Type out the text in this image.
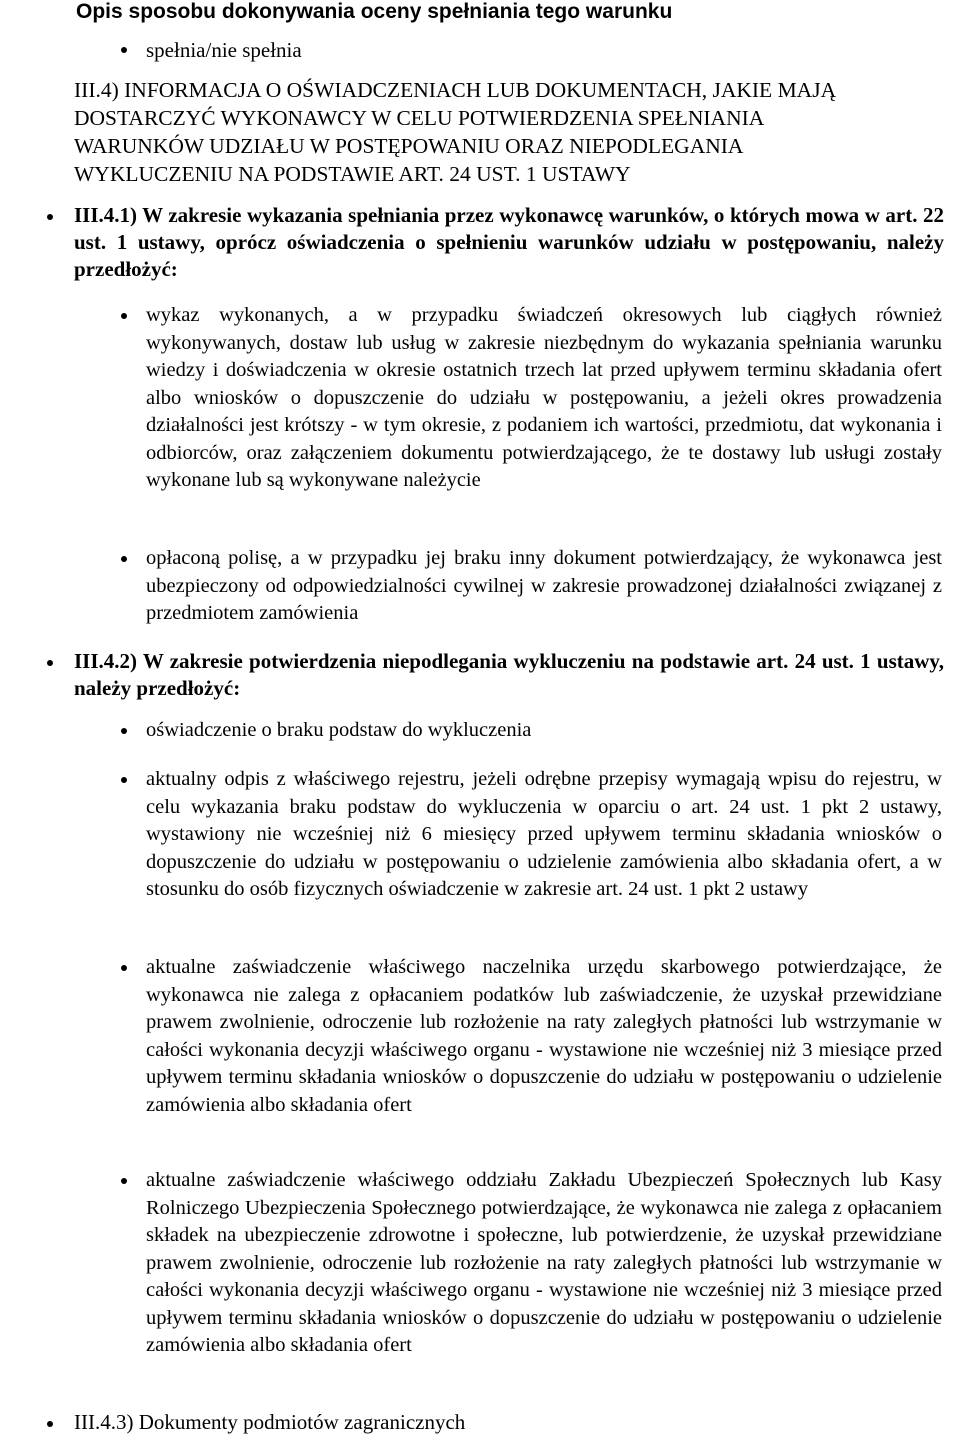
Opis sposobu dokonywania oceny spełniania tego warunku
spełnia/nie spełnia
III.4) INFORMACJA O OŚWIADCZENIACH LUB DOKUMENTACH, JAKIE MAJĄ DOSTARCZYĆ WYKONAWCY W CELU POTWIERDZENIA SPEŁNIANIA WARUNKÓW UDZIAŁU W POSTĘPOWANIU ORAZ NIEPODLEGANIA WYKLUCZENIU NA PODSTAWIE ART. 24 UST. 1 USTAWY
III.4.1) W zakresie wykazania spełniania przez wykonawcę warunków, o których mowa w art. 22 ust. 1 ustawy, oprócz oświadczenia o spełnieniu warunków udziału w postępowaniu, należy przedłożyć:
wykaz wykonanych, a w przypadku świadczeń okresowych lub ciągłych również wykonywanych, dostaw lub usług w zakresie niezbędnym do wykazania spełniania warunku wiedzy i doświadczenia w okresie ostatnich trzech lat przed upływem terminu składania ofert albo wniosków o dopuszczenie do udziału w postępowaniu, a jeżeli okres prowadzenia działalności jest krótszy - w tym okresie, z podaniem ich wartości, przedmiotu, dat wykonania i odbiorców, oraz załączeniem dokumentu potwierdzającego, że te dostawy lub usługi zostały wykonane lub są wykonywane należycie
opłaconą polisę, a w przypadku jej braku inny dokument potwierdzający, że wykonawca jest ubezpieczony od odpowiedzialności cywilnej w zakresie prowadzonej działalności związanej z przedmiotem zamówienia
III.4.2) W zakresie potwierdzenia niepodlegania wykluczeniu na podstawie art. 24 ust. 1 ustawy, należy przedłożyć:
oświadczenie o braku podstaw do wykluczenia
aktualny odpis z właściwego rejestru, jeżeli odrębne przepisy wymagają wpisu do rejestru, w celu wykazania braku podstaw do wykluczenia w oparciu o art. 24 ust. 1 pkt 2 ustawy, wystawiony nie wcześniej niż 6 miesięcy przed upływem terminu składania wniosków o dopuszczenie do udziału w postępowaniu o udzielenie zamówienia albo składania ofert, a w stosunku do osób fizycznych oświadczenie w zakresie art. 24 ust. 1 pkt 2 ustawy
aktualne zaświadczenie właściwego naczelnika urzędu skarbowego potwierdzające, że wykonawca nie zalega z opłacaniem podatków lub zaświadczenie, że uzyskał przewidziane prawem zwolnienie, odroczenie lub rozłożenie na raty zaległych płatności lub wstrzymanie w całości wykonania decyzji właściwego organu - wystawione nie wcześniej niż 3 miesiące przed upływem terminu składania wniosków o dopuszczenie do udziału w postępowaniu o udzielenie zamówienia albo składania ofert
aktualne zaświadczenie właściwego oddziału Zakładu Ubezpieczeń Społecznych lub Kasy Rolniczego Ubezpieczenia Społecznego potwierdzające, że wykonawca nie zalega z opłacaniem składek na ubezpieczenie zdrowotne i społeczne, lub potwierdzenie, że uzyskał przewidziane prawem zwolnienie, odroczenie lub rozłożenie na raty zaległych płatności lub wstrzymanie w całości wykonania decyzji właściwego organu - wystawione nie wcześniej niż 3 miesiące przed upływem terminu składania wniosków o dopuszczenie do udziału w postępowaniu o udzielenie zamówienia albo składania ofert
III.4.3) Dokumenty podmiotów zagranicznych
